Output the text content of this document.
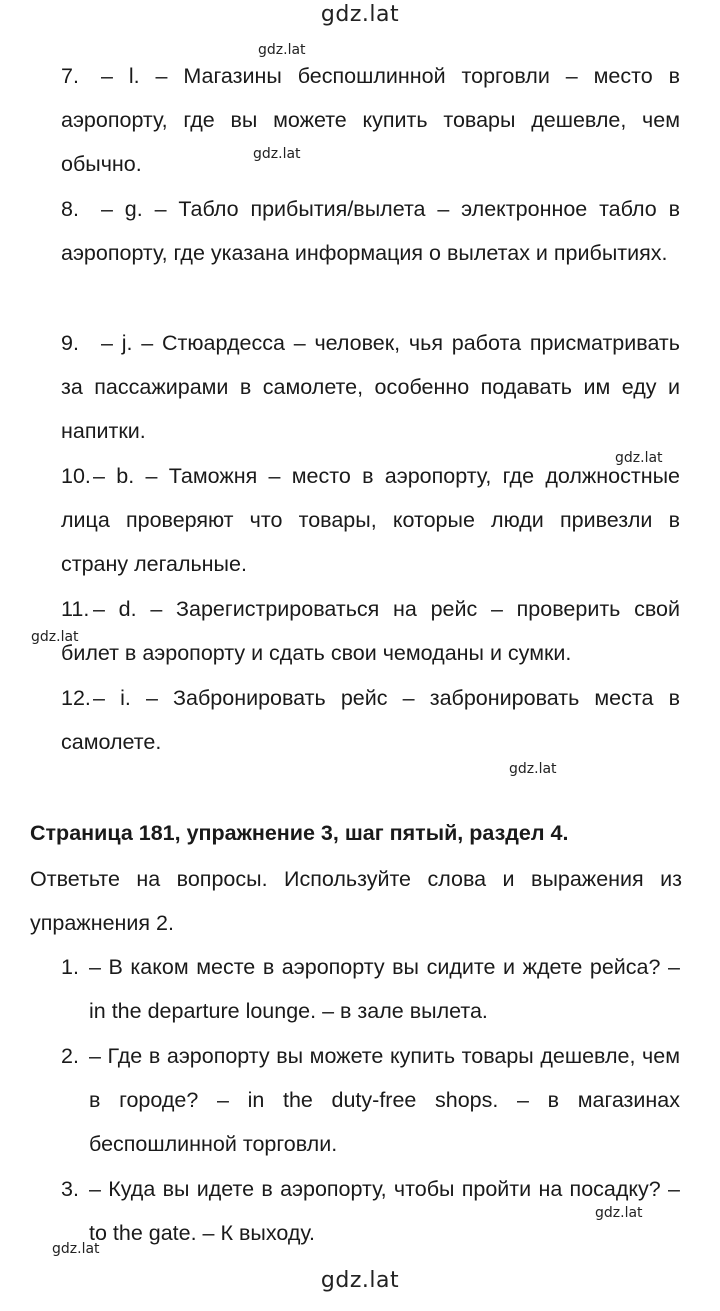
gdz.lat
gdz.lat
gdz.lat
gdz.lat
gdz.lat
gdz.lat
gdz.lat
gdz.lat
7.	– l. – Магазины беспошлинной торговли – место в аэропорту, где вы можете купить товары дешевле, чем обычно.
8.	– g. – Табло прибытия/вылета – электронное табло в аэропорту, где указана информация о вылетах и прибытиях.
9.	– j. – Стюардесса – человек, чья работа присматривать за пассажирами в самолете, особенно подавать им еду и напитки.
10. – b. – Таможня – место в аэропорту, где должностные лица проверяют что товары, которые люди привезли в страну легальные.
11. – d. – Зарегистрироваться на рейс – проверить свой билет в аэропорту и сдать свои чемоданы и сумки.
12. – i. – Забронировать рейс – забронировать места в самолете.
Страница 181, упражнение 3, шаг пятый, раздел 4.
Ответьте на вопросы. Используйте слова и выражения из упражнения 2.
1. – В каком месте в аэропорту вы сидите и ждете рейса? – in the departure lounge. – в зале вылета.
2. – Где в аэропорту вы можете купить товары дешевле, чем в городе? – in the duty-free shops. – в магазинах беспошлинной торговли.
3. – Куда вы идете в аэропорту, чтобы пройти на посадку? – to the gate. – К выходу.
gdz.lat
